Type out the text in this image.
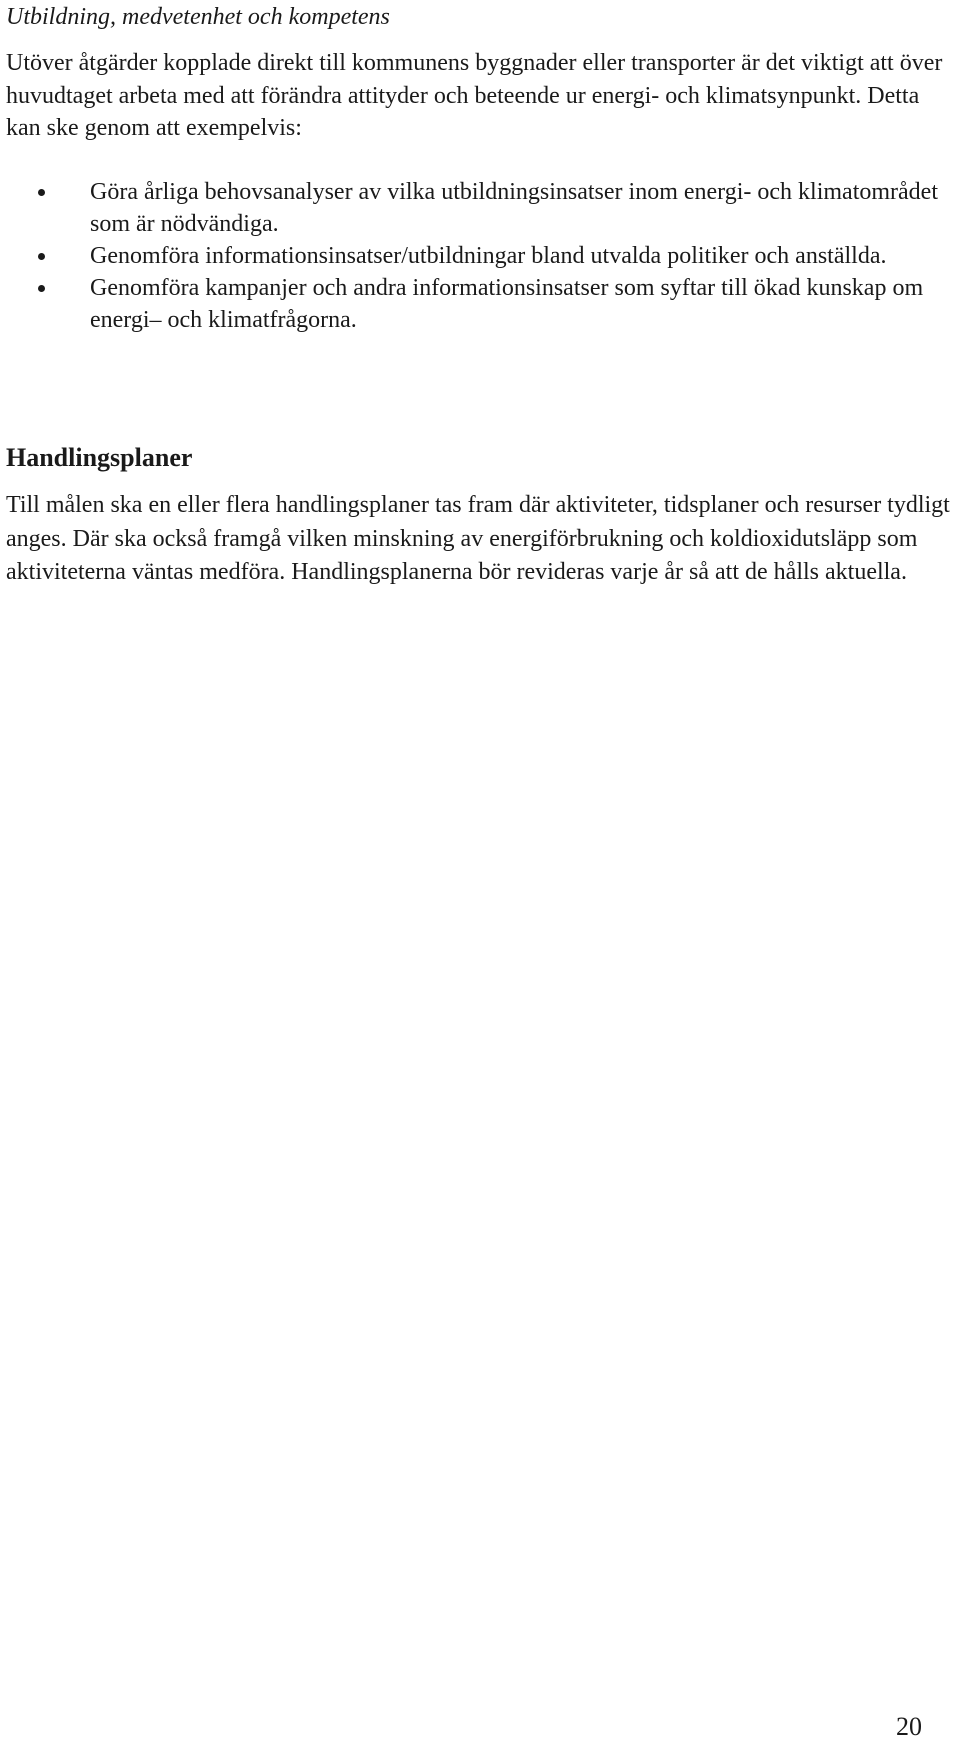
Utbildning, medvetenhet och kompetens

Utöver åtgärder kopplade direkt till kommunens byggnader eller transporter är det viktigt att över huvudtaget arbeta med att förändra attityder och beteende ur energi- och klimatsynpunkt. Detta kan ske genom att exempelvis:

Göra årliga behovsanalyser av vilka utbildningsinsatser inom energi- och klimatområdet som är nödvändiga.
Genomföra informationsinsatser/utbildningar bland utvalda politiker och anställda.
Genomföra kampanjer och andra informationsinsatser som syftar till ökad kunskap om energi– och klimatfrågorna.
Handlingsplaner

Till målen ska en eller flera handlingsplaner tas fram där aktiviteter, tidsplaner och resurser tydligt anges. Där ska också framgå vilken minskning av energiförbrukning och koldioxidutsläpp som aktiviteterna väntas medföra. Handlingsplanerna bör revideras varje år så att de hålls aktuella.

20
